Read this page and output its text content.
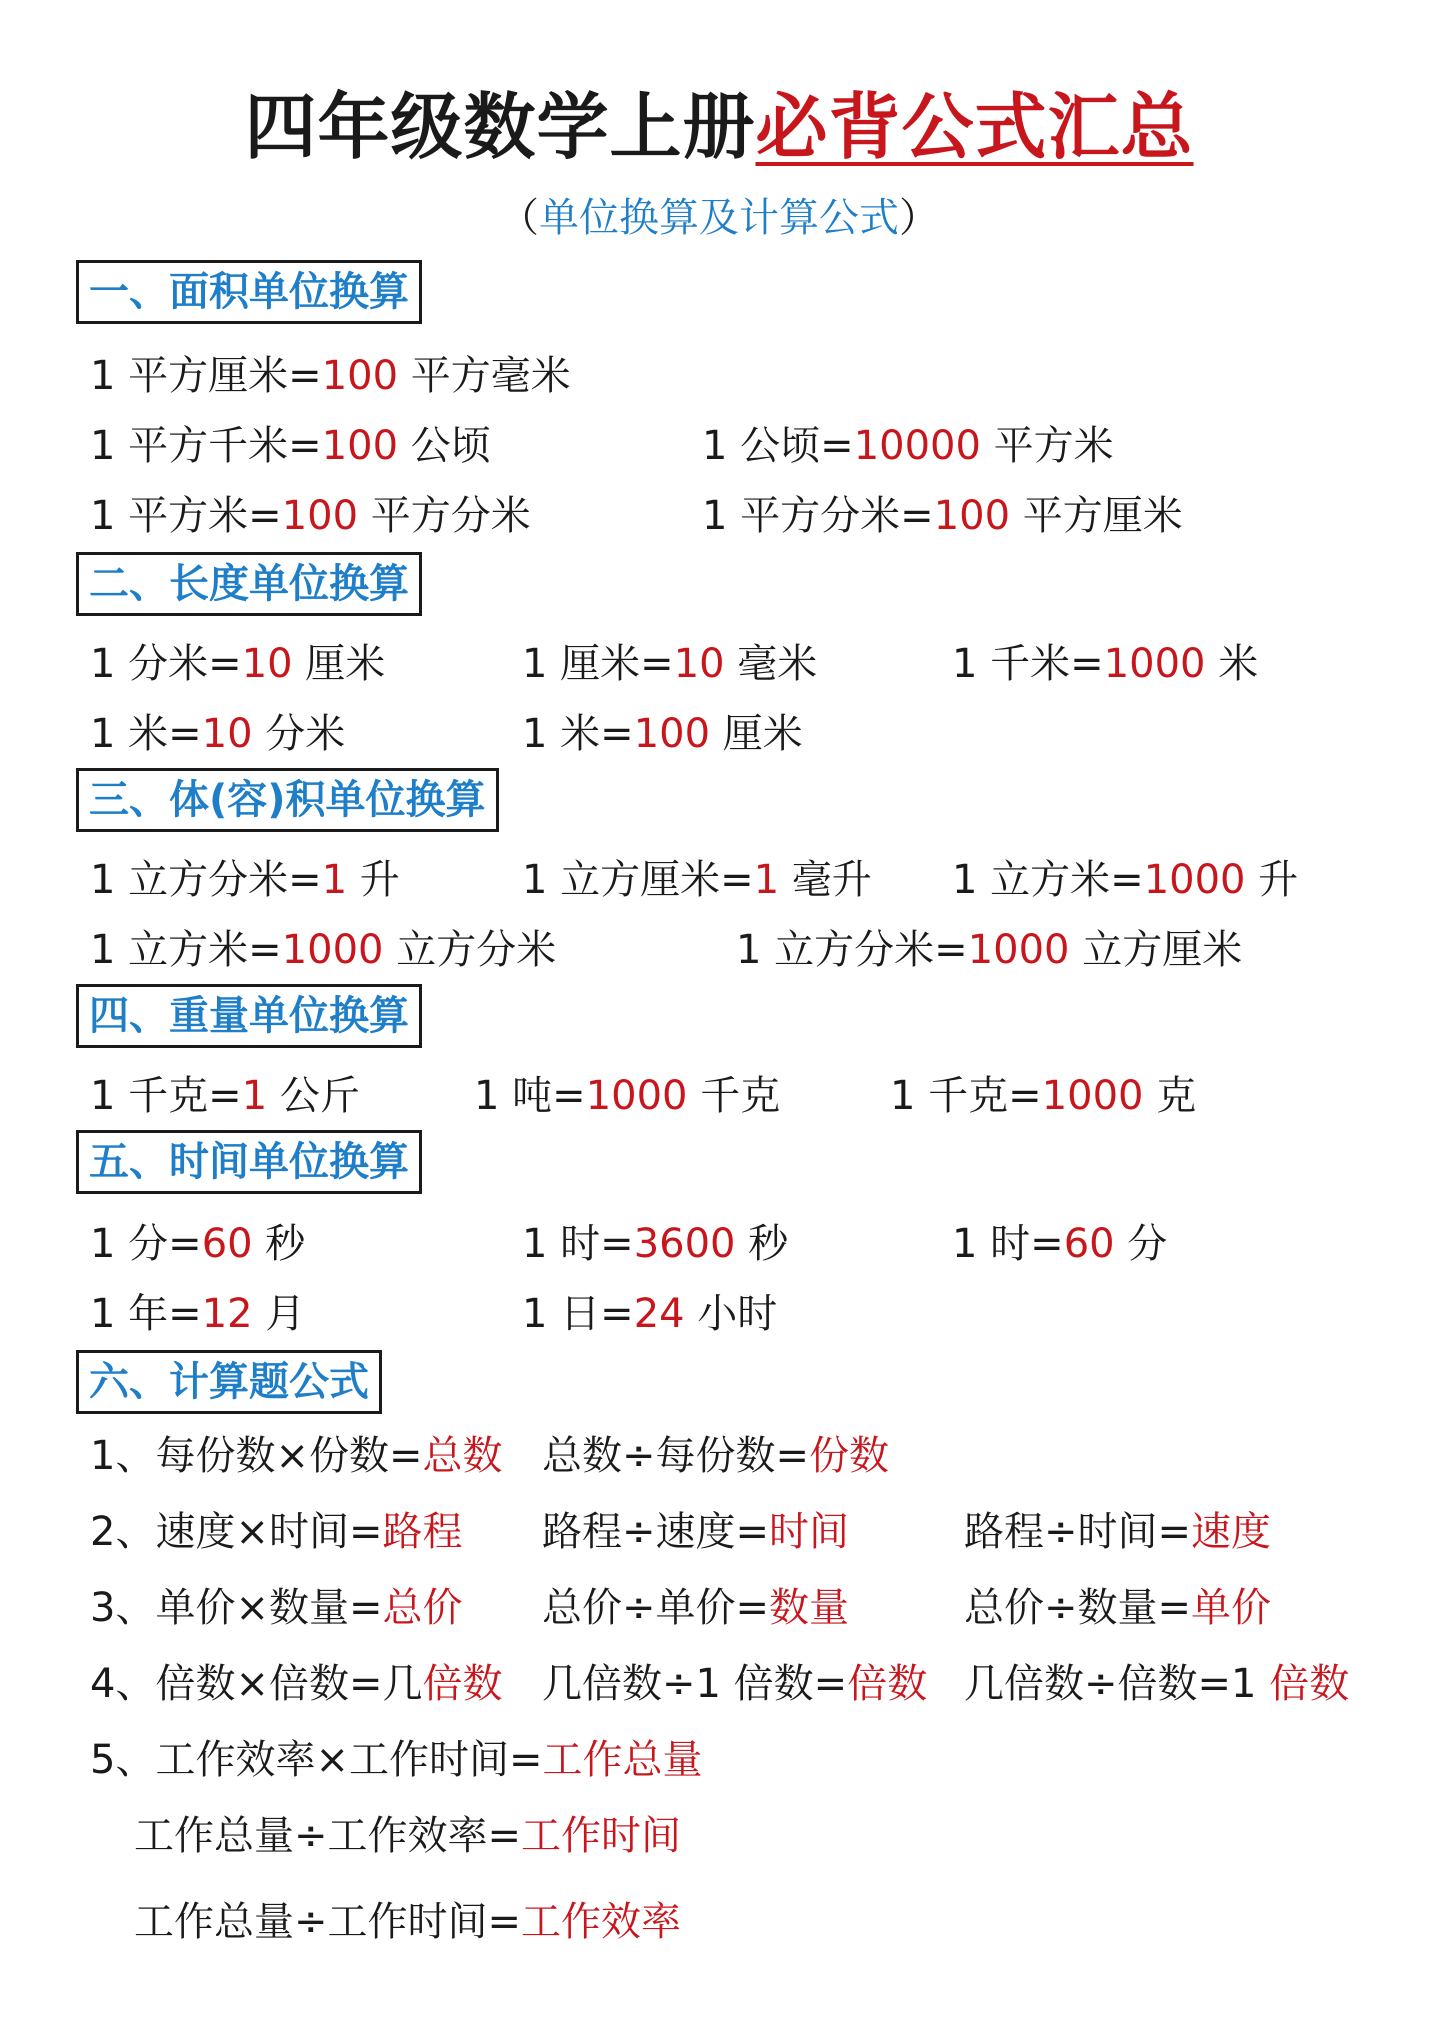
四年级数学上册必背公式汇总
（单位换算及计算公式）
一、面积单位换算
1 平方厘米=100 平方毫米
1 平方千米=100 公顷	1 公顷=10000 平方米
1 平方米=100 平方分米	1 平方分米=100 平方厘米
二、长度单位换算
1 分米=10 厘米	1 厘米=10 毫米	1 千米=1000 米
1 米=10 分米	1 米=100 厘米
三、体(容)积单位换算
1 立方分米=1 升	1 立方厘米=1 毫升 1 立方米=1000 升
1 立方米=1000 立方分米	1 立方分米=1000 立方厘米
四、重量单位换算
1 千克=1 公斤	1 吨=1000 千克	1 千克=1000 克
五、时间单位换算
1 分=60 秒	1 时=3600 秒	1 时=60 分
1 年=12 月	1 日=24 小时
六、计算题公式
1、每份数×份数=总数 总数÷每份数=份数
2、速度×时间=路程 路程÷速度=时间	路程÷时间=速度
3、单价×数量=总价 总价÷单价=数量	总价÷数量=单价
4、倍数×倍数=几倍数 几倍数÷1 倍数=倍数 几倍数÷倍数=1 倍数
5、工作效率×工作时间=工作总量
工作总量÷工作效率=工作时间
工作总量÷工作时间=工作效率
